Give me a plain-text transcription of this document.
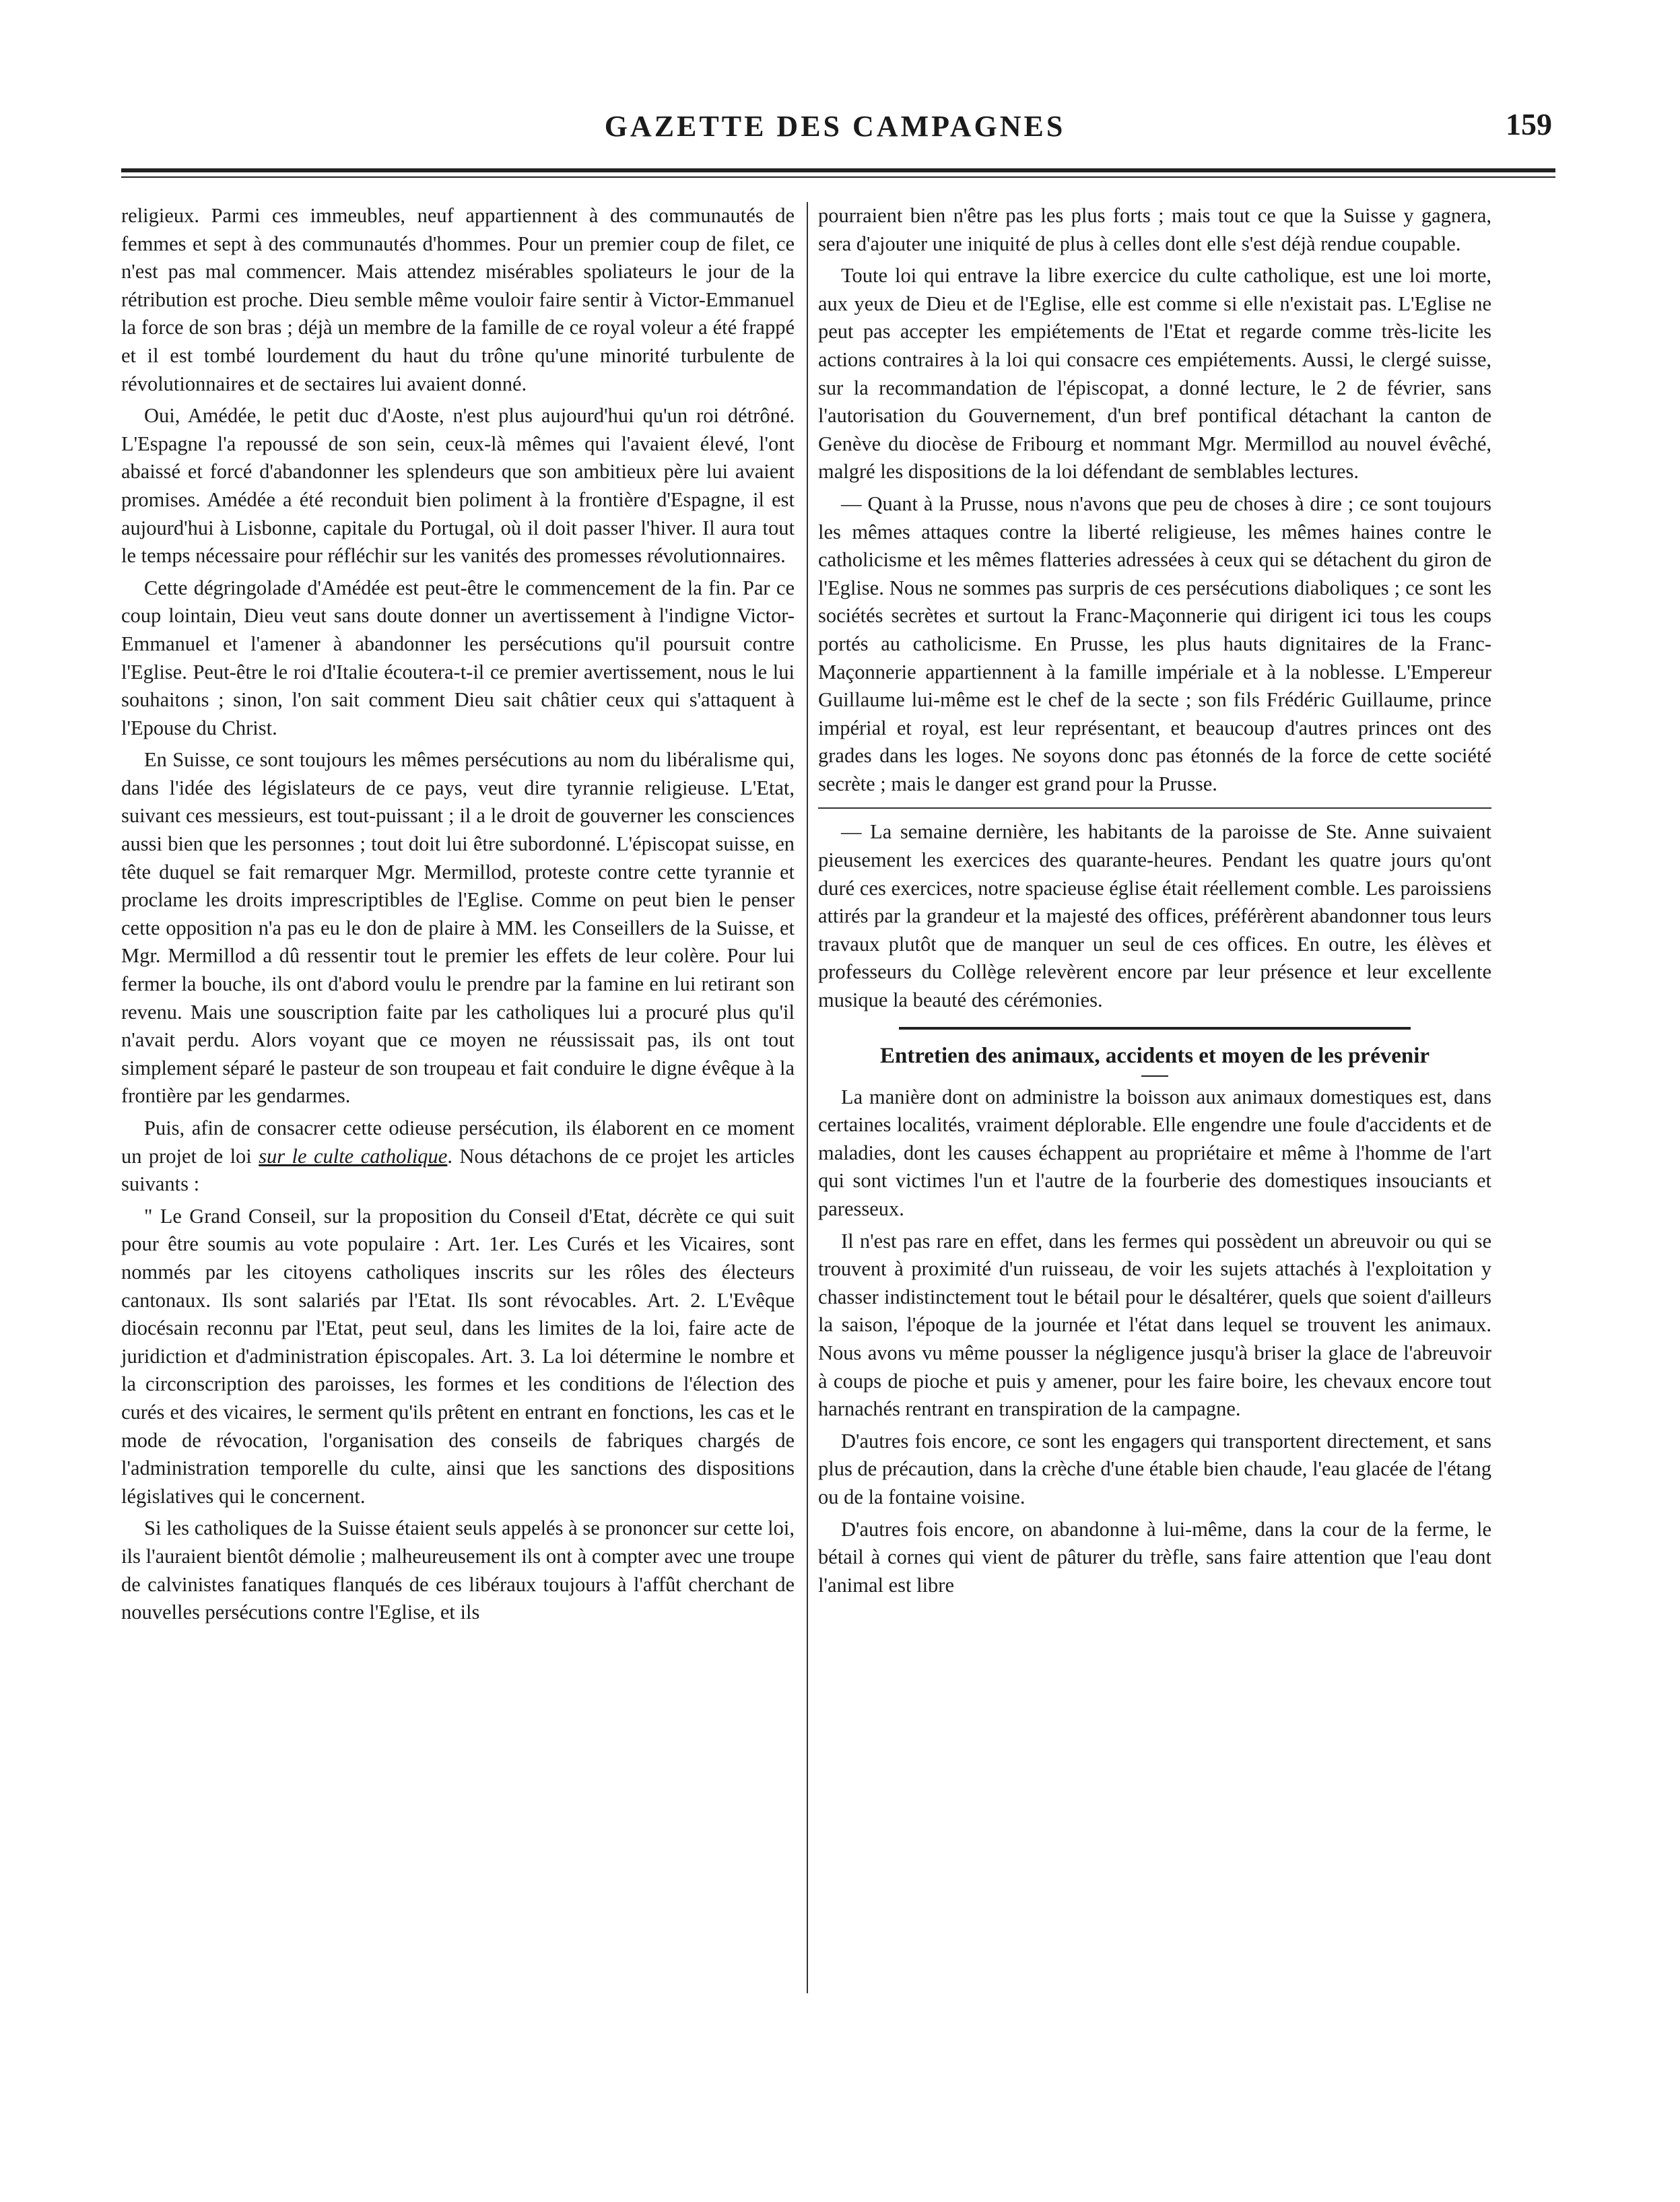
GAZETTE DES CAMPAGNES	159

religieux. Parmi ces immeubles, neuf appartiennent à des communautés de femmes et sept à des communautés d'hommes. Pour un premier coup de filet, ce n'est pas mal commencer. Mais attendez misérables spoliateurs le jour de la rétribution est proche. Dieu semble même vouloir faire sentir à Victor-Emmanuel la force de son bras ; déjà un membre de la famille de ce royal voleur a été frappé et il est tombé lourdement du haut du trône qu'une minorité turbulente de révolutionnaires et de sectaires lui avaient donné.

Oui, Amédée, le petit duc d'Aoste, n'est plus aujourd'hui qu'un roi détrôné. L'Espagne l'a repoussé de son sein, ceux-là mêmes qui l'avaient élevé, l'ont abaissé et forcé d'abandonner les splendeurs que son ambitieux père lui avaient promises. Amédée a été reconduit bien poliment à la frontière d'Espagne, il est aujourd'hui à Lisbonne, capitale du Portugal, où il doit passer l'hiver. Il aura tout le temps nécessaire pour réfléchir sur les vanités des promesses révolutionnaires.

Cette dégringolade d'Amédée est peut-être le commencement de la fin. Par ce coup lointain, Dieu veut sans doute donner un avertissement à l'indigne Victor-Emmanuel et l'amener à abandonner les persécutions qu'il poursuit contre l'Eglise. Peut-être le roi d'Italie écoutera-t-il ce premier avertissement, nous le lui souhaitons ; sinon, l'on sait comment Dieu sait châtier ceux qui s'attaquent à l'Epouse du Christ.

En Suisse, ce sont toujours les mêmes persécutions au nom du libéralisme qui, dans l'idée des législateurs de ce pays, veut dire tyrannie religieuse. L'Etat, suivant ces messieurs, est tout-puissant ; il a le droit de gouverner les consciences aussi bien que les personnes ; tout doit lui être subordonné. L'épiscopat suisse, en tête duquel se fait remarquer Mgr. Mermillod, proteste contre cette tyrannie et proclame les droits imprescriptibles de l'Eglise. Comme on peut bien le penser cette opposition n'a pas eu le don de plaire à MM. les Conseillers de la Suisse, et Mgr. Mermillod a dû ressentir tout le premier les effets de leur colère. Pour lui fermer la bouche, ils ont d'abord voulu le prendre par la famine en lui retirant son revenu. Mais une souscription faite par les catholiques lui a procuré plus qu'il n'avait perdu. Alors voyant que ce moyen ne réussissait pas, ils ont tout simplement séparé le pasteur de son troupeau et fait conduire le digne évêque à la frontière par les gendarmes.

Puis, afin de consacrer cette odieuse persécution, ils élaborent en ce moment un projet de loi sur le culte catholique. Nous détachons de ce projet les articles suivants :

" Le Grand Conseil, sur la proposition du Conseil d'Etat, décrète ce qui suit pour être soumis au vote populaire : Art. 1er. Les Curés et les Vicaires, sont nommés par les citoyens catholiques inscrits sur les rôles des électeurs cantonaux. Ils sont salariés par l'Etat. Ils sont révocables. Art. 2. L'Evêque diocésain reconnu par l'Etat, peut seul, dans les limites de la loi, faire acte de juridiction et d'administration épiscopales. Art. 3. La loi détermine le nombre et la circonscription des paroisses, les formes et les conditions de l'élection des curés et des vicaires, le serment qu'ils prêtent en entrant en fonctions, les cas et le mode de révocation, l'organisation des conseils de fabriques chargés de l'administration temporelle du culte, ainsi que les sanctions des dispositions législatives qui le concernent.

Si les catholiques de la Suisse étaient seuls appelés à se prononcer sur cette loi, ils l'auraient bientôt démolie ; malheureusement ils ont à compter avec une troupe de calvinistes fanatiques flanqués de ces libéraux toujours à l'affût cherchant de nouvelles persécutions contre l'Eglise, et ils

pourraient bien n'être pas les plus forts ; mais tout ce que la Suisse y gagnera, sera d'ajouter une iniquité de plus à celles dont elle s'est déjà rendue coupable.

Toute loi qui entrave la libre exercice du culte catholique, est une loi morte, aux yeux de Dieu et de l'Eglise, elle est comme si elle n'existait pas. L'Eglise ne peut pas accepter les empiétements de l'Etat et regarde comme très-licite les actions contraires à la loi qui consacre ces empiétements. Aussi, le clergé suisse, sur la recommandation de l'épiscopat, a donné lecture, le 2 de février, sans l'autorisation du Gouvernement, d'un bref pontifical détachant la canton de Genève du diocèse de Fribourg et nommant Mgr. Mermillod au nouvel évêché, malgré les dispositions de la loi défendant de semblables lectures.

— Quant à la Prusse, nous n'avons que peu de choses à dire ; ce sont toujours les mêmes attaques contre la liberté religieuse, les mêmes haines contre le catholicisme et les mêmes flatteries adressées à ceux qui se détachent du giron de l'Eglise. Nous ne sommes pas surpris de ces persécutions diaboliques ; ce sont les sociétés secrètes et surtout la Franc-Maçonnerie qui dirigent ici tous les coups portés au catholicisme. En Prusse, les plus hauts dignitaires de la Franc-Maçonnerie appartiennent à la famille impériale et à la noblesse. L'Empereur Guillaume lui-même est le chef de la secte ; son fils Frédéric Guillaume, prince impérial et royal, est leur représentant, et beaucoup d'autres princes ont des grades dans les loges. Ne soyons donc pas étonnés de la force de cette société secrète ; mais le danger est grand pour la Prusse.

— La semaine dernière, les habitants de la paroisse de Ste. Anne suivaient pieusement les exercices des quarante-heures. Pendant les quatre jours qu'ont duré ces exercices, notre spacieuse église était réellement comble. Les paroissiens attirés par la grandeur et la majesté des offices, préférèrent abandonner tous leurs travaux plutôt que de manquer un seul de ces offices. En outre, les élèves et professeurs du Collège relevèrent encore par leur présence et leur excellente musique la beauté des cérémonies.

Entretien des animaux, accidents et moyen de les prévenir

La manière dont on administre la boisson aux animaux domestiques est, dans certaines localités, vraiment déplorable. Elle engendre une foule d'accidents et de maladies, dont les causes échappent au propriétaire et même à l'homme de l'art qui sont victimes l'un et l'autre de la fourberie des domestiques insouciants et paresseux.

Il n'est pas rare en effet, dans les fermes qui possèdent un abreuvoir ou qui se trouvent à proximité d'un ruisseau, de voir les sujets attachés à l'exploitation y chasser indistinctement tout le bétail pour le désaltérer, quels que soient d'ailleurs la saison, l'époque de la journée et l'état dans lequel se trouvent les animaux. Nous avons vu même pousser la négligence jusqu'à briser la glace de l'abreuvoir à coups de pioche et puis y amener, pour les faire boire, les chevaux encore tout harnachés rentrant en transpiration de la campagne.

D'autres fois encore, ce sont les engagers qui transportent directement, et sans plus de précaution, dans la crèche d'une étable bien chaude, l'eau glacée de l'étang ou de la fontaine voisine.

D'autres fois encore, on abandonne à lui-même, dans la cour de la ferme, le bétail à cornes qui vient de pâturer du trèfle, sans faire attention que l'eau dont l'animal est libre
